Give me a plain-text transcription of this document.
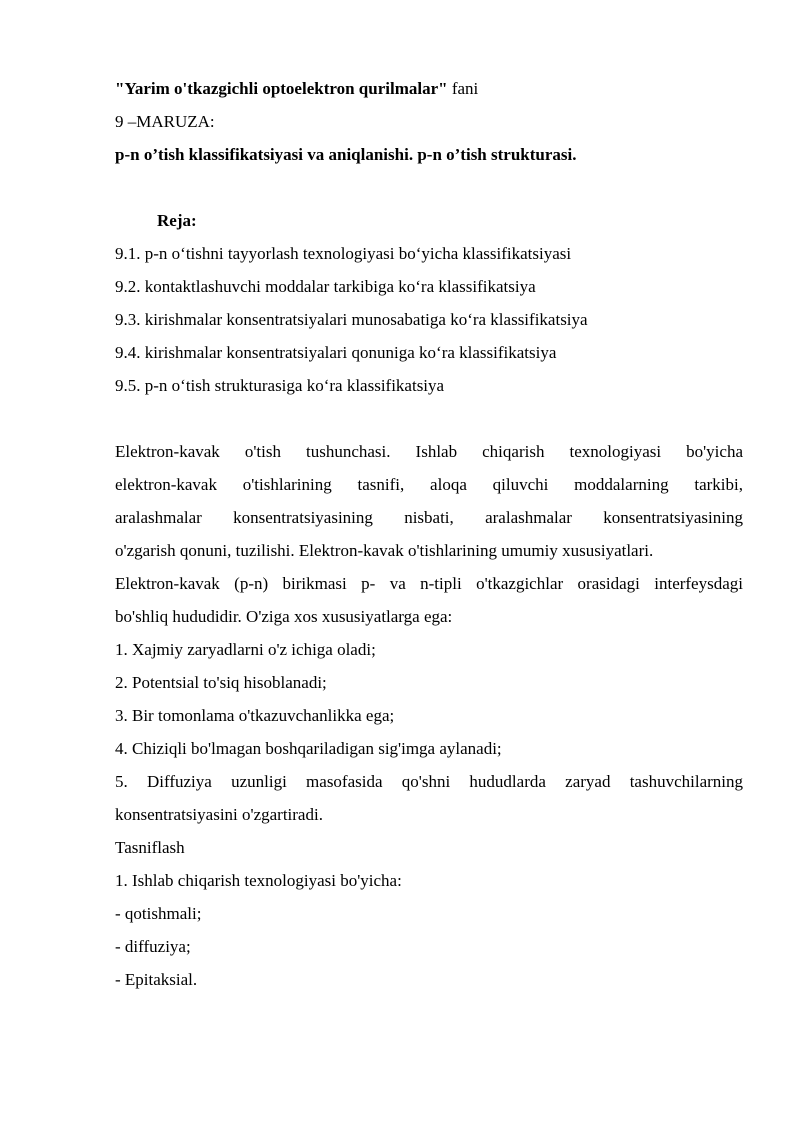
"Yarim o'tkazgichli optoelektron qurilmalar" fani
9 –MARUZA:
p-n o’tish klassifikatsiyasi va aniqlanishi. p-n o’tish strukturasi.
Reja:
9.1. p-n o‘tishni tayyorlash texnologiyasi bo‘yicha klassifikatsiyasi
9.2. kontaktlashuvchi moddalar tarkibiga ko‘ra klassifikatsiya
9.3. kirishmalar konsentratsiyalari munosabatiga ko‘ra klassifikatsiya
9.4. kirishmalar konsentratsiyalari qonuniga ko‘ra klassifikatsiya
9.5. p-n o‘tish strukturasiga ko‘ra klassifikatsiya
Elektron-kavak o'tish tushunchasi. Ishlab chiqarish texnologiyasi bo'yicha
elektron-kavak o'tishlarining tasnifi, aloqa qiluvchi moddalarning tarkibi,
aralashmalar konsentratsiyasining nisbati, aralashmalar konsentratsiyasining
o'zgarish qonuni, tuzilishi. Elektron-kavak o'tishlarining umumiy xususiyatlari.
Elektron-kavak (p-n) birikmasi p- va n-tipli o'tkazgichlar orasidagi interfeysdagi
bo'shliq hududidir. O'ziga xos xususiyatlarga ega:
1. Xajmiy zaryadlarni o'z ichiga oladi;
2. Potentsial to'siq hisoblanadi;
3. Bir tomonlama o'tkazuvchanlikka ega;
4. Chiziqli bo'lmagan boshqariladigan sig'imga aylanadi;
5. Diffuziya uzunligi masofasida qo'shni hududlarda zaryad tashuvchilarning
konsentratsiyasini o'zgartiradi.
Tasniflash
1. Ishlab chiqarish texnologiyasi bo'yicha:
- qotishmali;
- diffuziya;
- Epitaksial.
